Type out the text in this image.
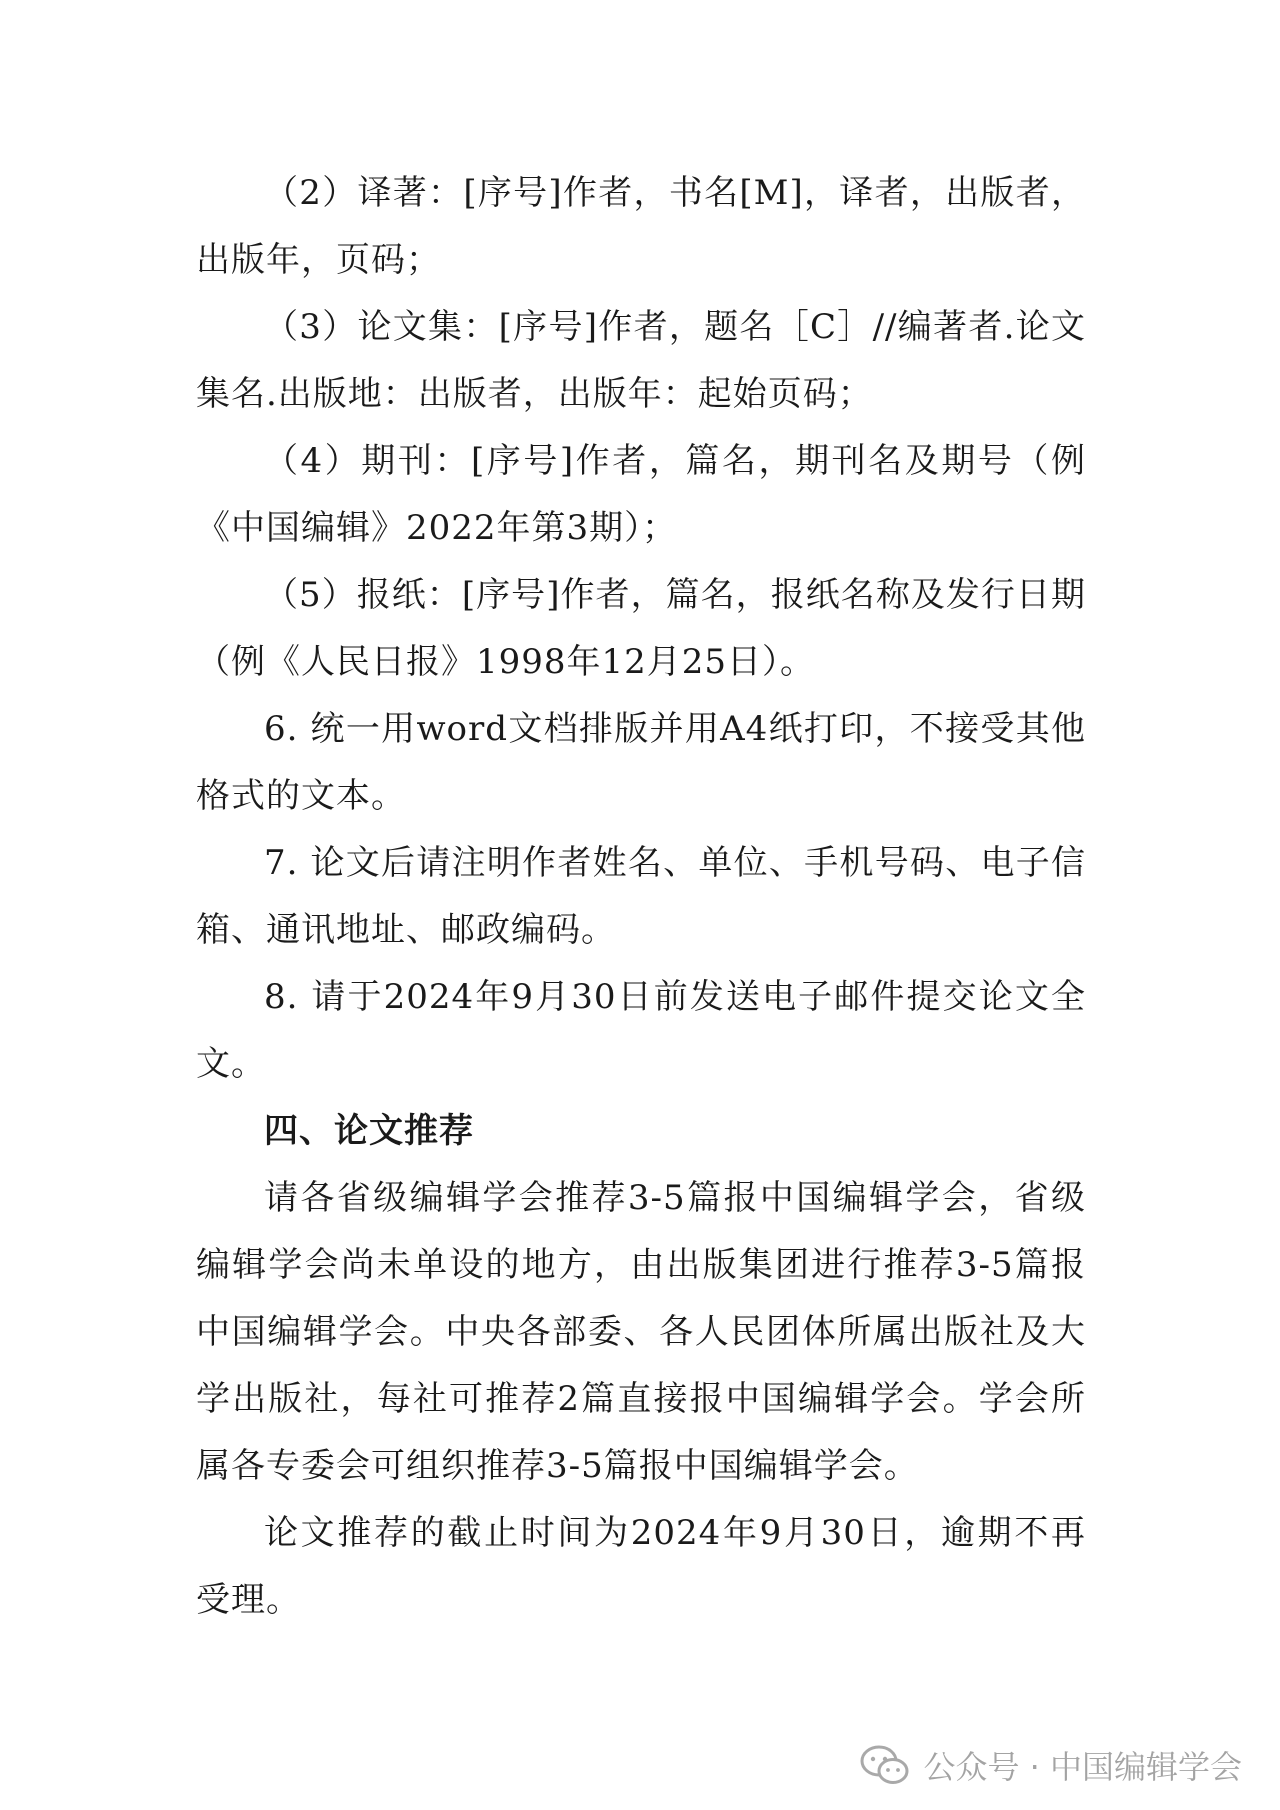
（2）译著：[序号]作者，书名[M]，译者，出版者，出版年，页码；

（3）论文集：[序号]作者，题名［C］//编著者.论文集名.出版地：出版者，出版年：起始页码；

（4）期刊：[序号]作者，篇名，期刊名及期号（例《中国编辑》2022年第3期）；

（5）报纸：[序号]作者，篇名，报纸名称及发行日期（例《人民日报》1998年12月25日）。

6. 统一用word文档排版并用A4纸打印，不接受其他格式的文本。

7. 论文后请注明作者姓名、单位、手机号码、电子信箱、通讯地址、邮政编码。

8. 请于2024年9月30日前发送电子邮件提交论文全文。

四、论文推荐

请各省级编辑学会推荐3-5篇报中国编辑学会，省级编辑学会尚未单设的地方，由出版集团进行推荐3-5篇报中国编辑学会。中央各部委、各人民团体所属出版社及大学出版社，每社可推荐2篇直接报中国编辑学会。学会所属各专委会可组织推荐3-5篇报中国编辑学会。

论文推荐的截止时间为2024年9月30日，逾期不再受理。

公众号 · 中国编辑学会
